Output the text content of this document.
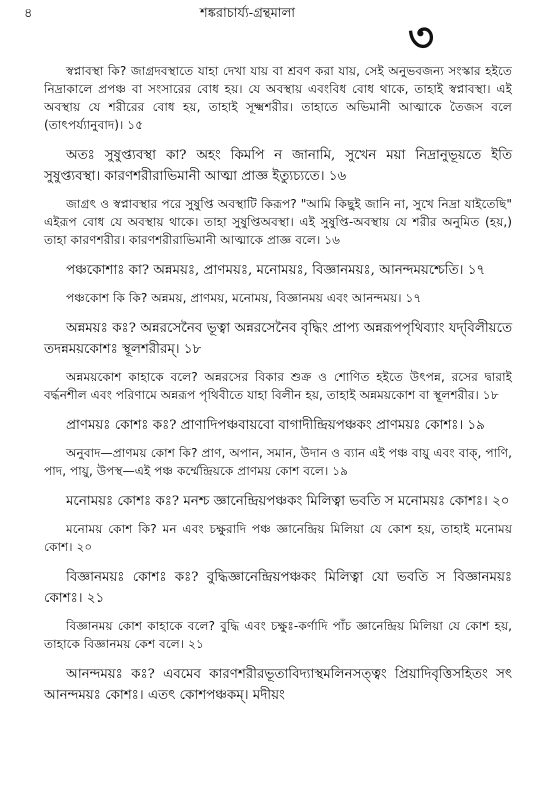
৪	শঙ্করাচার্য্য-গ্রন্থমালা
৩

স্বপ্নাবস্থা কি? জাগ্রদবস্থাতে যাহা দেখা যায় বা শ্রবণ করা যায়, সেই অনুভবজন্য সংস্কার হইতে নিদ্রাকালে প্রপঞ্চ বা সংসারের বোধ হয়। যে অবস্থায় এবংবিধ বোধ থাকে, তাহাই স্বপ্নাবস্থা। এই অবস্থায় যে শরীরের বোধ হয়, তাহাই সূক্ষ্মশরীর। তাহাতে অভিমানী আত্মাকে তৈজস বলে (তাৎপর্য্যানুবাদ)। ১৫

অতঃ সুষুপ্ত্যবস্থা কা? অহং কিমপি ন জানামি, সুখেন ময়া নিদ্রানুভূয়তে ইতি সুষুপ্ত্যবস্থা। কারণশরীরাভিমানী আত্মা প্রাজ্ঞ ইত্যুচ্যতে। ১৬

জাগ্রৎ ও স্বপ্নাবস্থার পরে সুষুপ্তি অবস্থাটি কিরূপ? "আমি কিছুই জানি না, সুখে নিদ্রা যাইতেছি" এইরূপ বোধ যে অবস্থায় থাকে। তাহা সুষুপ্তিঅবস্থা। এই সুষুপ্তি-অবস্থায় যে শরীর অনুমিত (হয়,) তাহা কারণশরীর। কারণশরীরাভিমানী আত্মাকে প্রাজ্ঞ বলে। ১৬

পঞ্চকোশাঃ কা? অন্নময়ঃ, প্রাণময়ঃ, মনোময়ঃ, বিজ্ঞানময়ঃ, আনন্দময়শ্চেতি। ১৭

পঞ্চকোশ কি কি? অন্নময়, প্রাণময়, মনোময়, বিজ্ঞানময় এবং আনন্দময়। ১৭

অন্নময়ঃ কঃ? অন্নরসেনৈব ভূত্বা অন্নরসেনৈব বৃদ্ধিং প্রাপ্য অন্নরূপপৃথিব্যাং যদ্‌বিলীয়তে তদন্নময়কোশঃ স্থূলশরীরম্। ১৮

অন্নময়কোশ কাহাকে বলে? অন্নরসের বিকার শুক্র ও শোণিত হইতে উৎপন্ন, রসের দ্বারাই বর্দ্ধনশীল এবং পরিণামে অন্নরূপ পৃথিবীতে যাহা বিলীন হয়, তাহাই অন্নময়কোশ বা স্থূলশরীর। ১৮

প্রাণময়ঃ কোশঃ কঃ? প্রাণাদিপঞ্চবায়বো বাগাদীন্দ্রিয়পঞ্চকং প্রাণময়ঃ কোশঃ। ১৯

অনুবাদ—প্রাণময় কোশ কি? প্রাণ, অপান, সমান, উদান ও ব্যান এই পঞ্চ বায়ু এবং বাক্, পাণি, পাদ, পায়ু, উপস্থ—এই পঞ্চ কর্ম্মেন্দ্রিয়কে প্রাণময় কোশ বলে। ১৯

মনোময়ঃ কোশঃ কঃ? মনশ্চ জ্ঞানেন্দ্রিয়পঞ্চকং মিলিত্বা ভবতি স মনোময়ঃ কোশঃ। ২০

মনোময় কোশ কি? মন এবং চক্ষুরাদি পঞ্চ জ্ঞানেন্দ্রিয় মিলিয়া যে কোশ হয়, তাহাই মনোময় কোশ। ২০

বিজ্ঞানময়ঃ কোশঃ কঃ? বুদ্ধিজ্ঞানেন্দ্রিয়পঞ্চকং মিলিত্বা যো ভবতি স বিজ্ঞানময়ঃ কোশঃ। ২১

বিজ্ঞানময় কোশ কাহাকে বলে? বুদ্ধি এবং চক্ষুঃ-কর্ণাদি পাঁচ জ্ঞানেন্দ্রিয় মিলিয়া যে কোশ হয়, তাহাকে বিজ্ঞানময় কেশ বলে। ২১

আনন্দময়ঃ কঃ? এবমেব কারণশরীরভূতাবিদ্যাস্থমলিনসত্ত্বং প্রিয়াদিবৃত্তিসহিতং সৎ আনন্দময়ঃ কোশঃ। এতৎ কোশপঞ্চকম্। মদীয়ং
